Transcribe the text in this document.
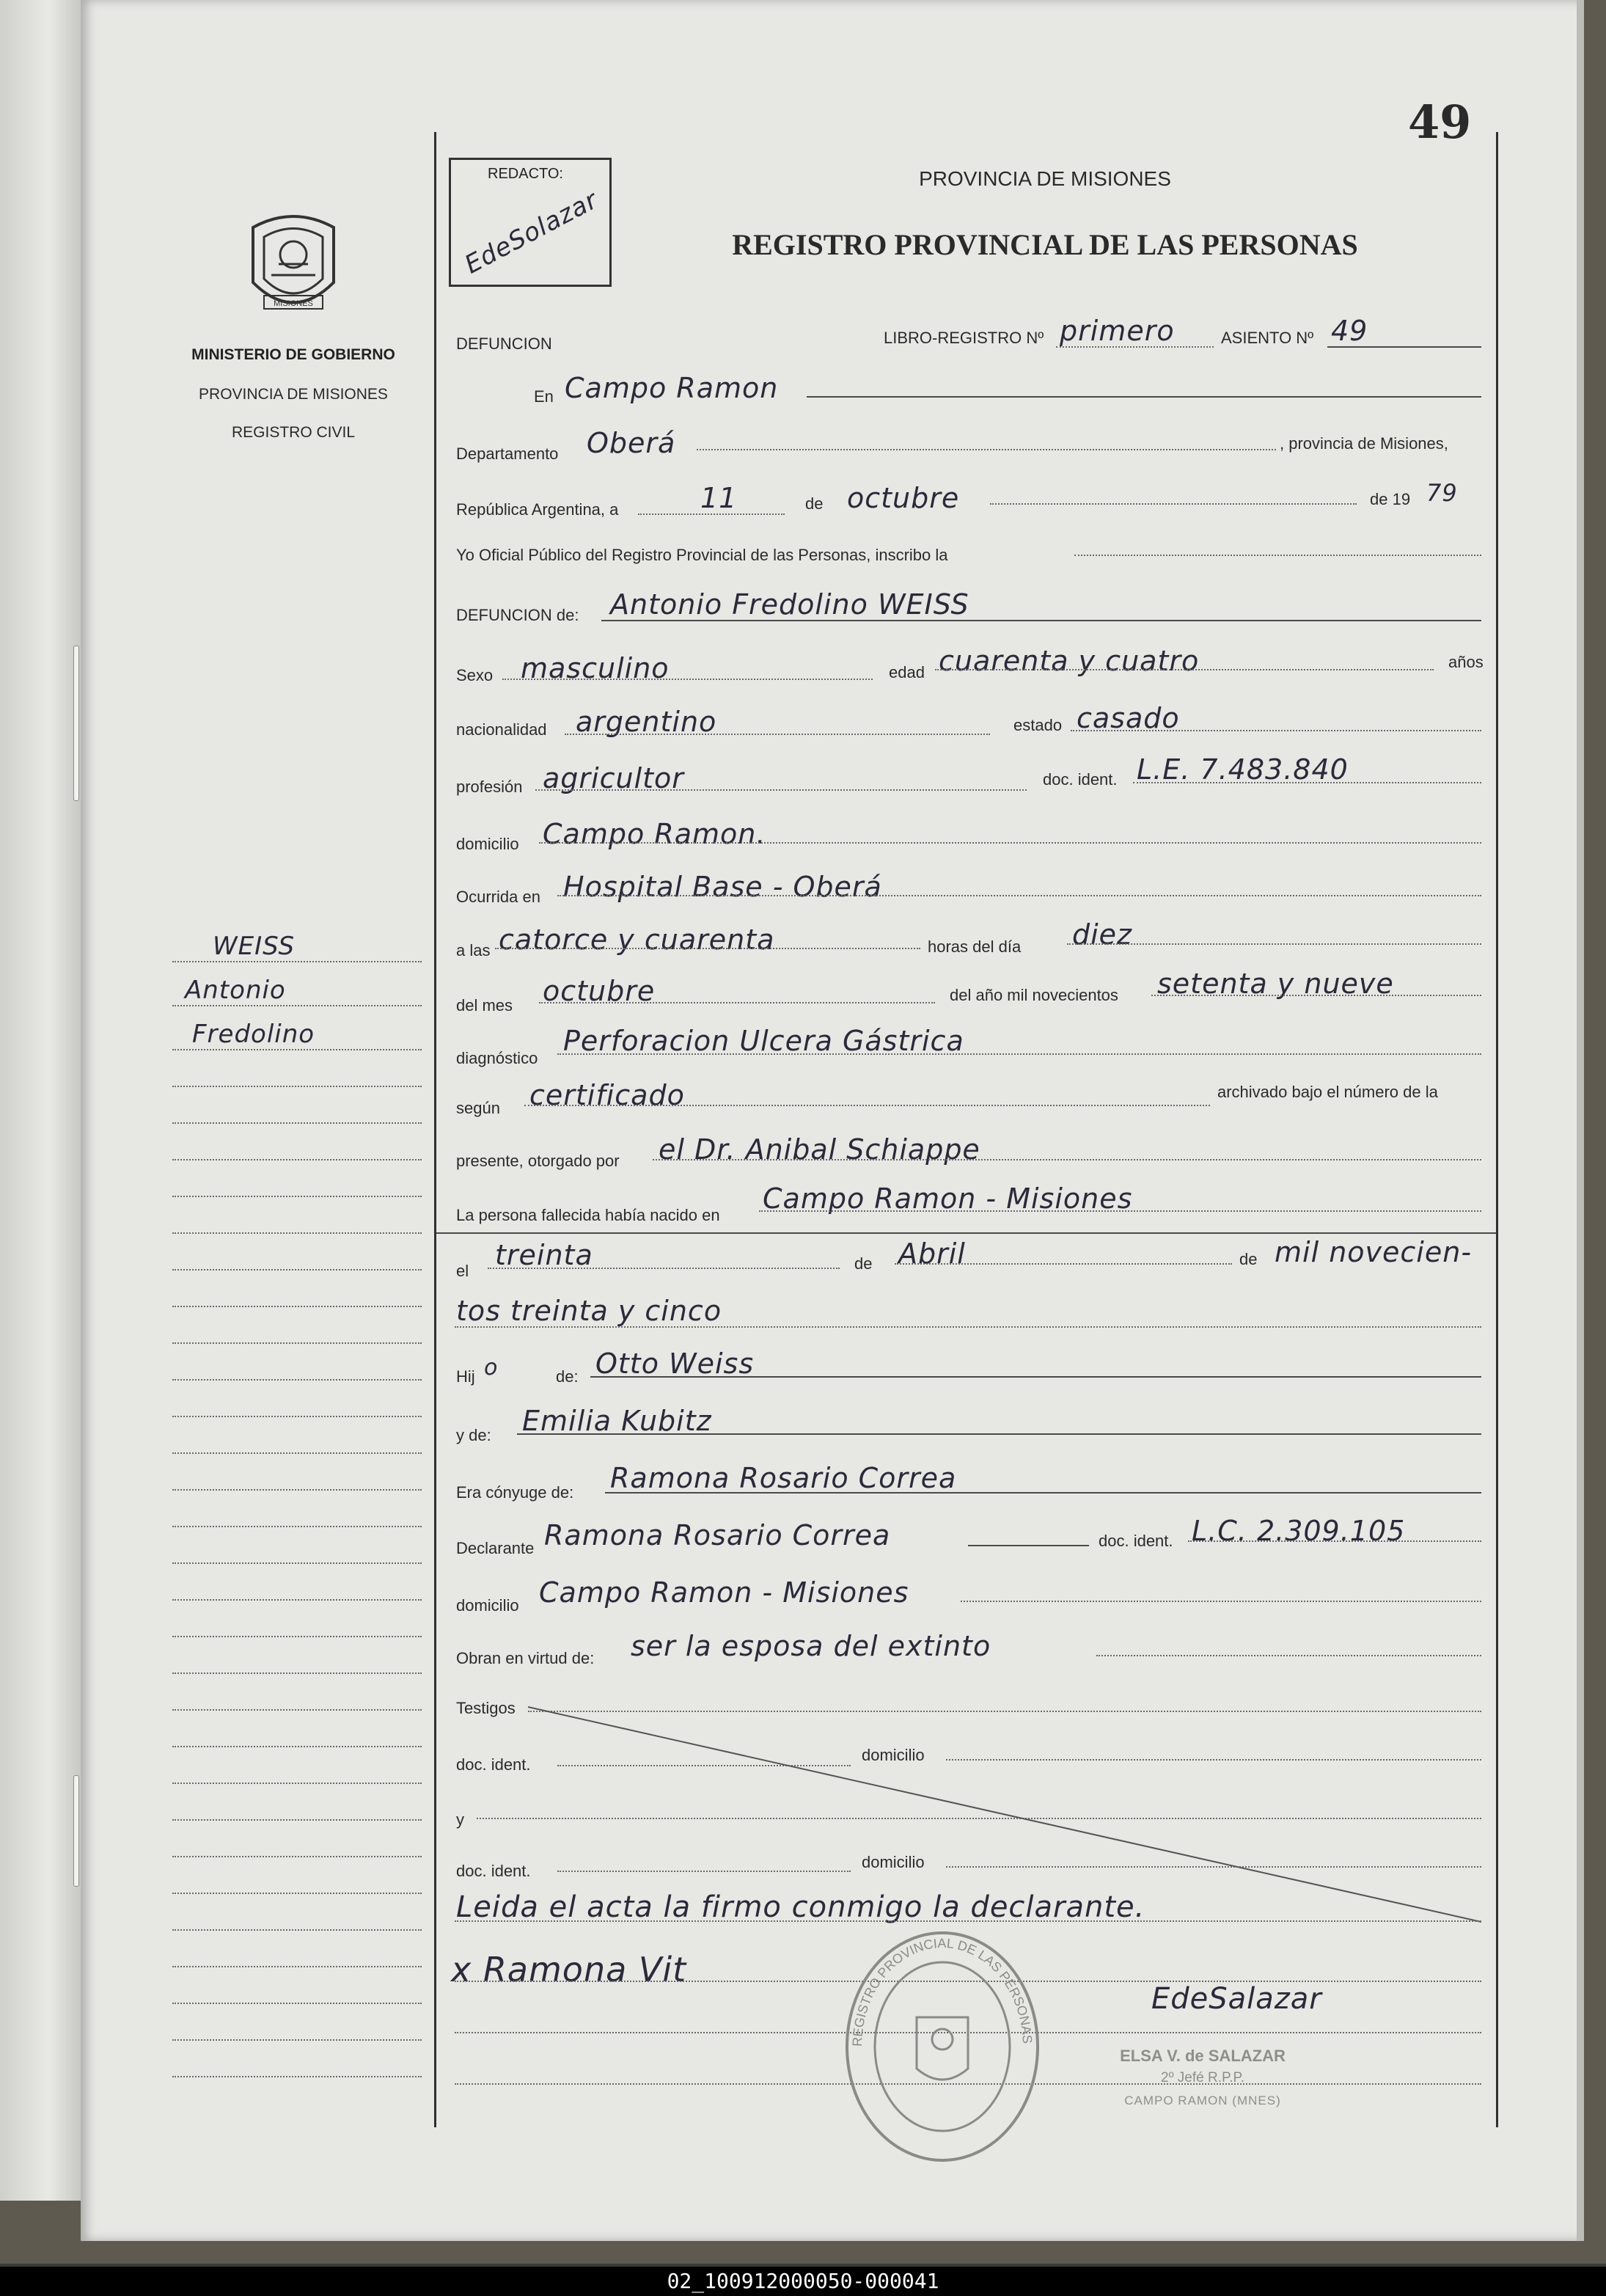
49
MISIONES
MINISTERIO DE GOBIERNO
PROVINCIA DE MISIONES
REGISTRO CIVIL
WEISS
Antonio
Fredolino
REDACTO:
EdeSolazar
PROVINCIA DE MISIONES
REGISTRO PROVINCIAL DE LAS PERSONAS
DEFUNCION	LIBRO-REGISTRO Nº primero	ASIENTO Nº 49
En Campo Ramon
Departamento Oberá	, provincia de Misiones,
República Argentina, a	11	de octubre	de 19 79
Yo Oficial Público del Registro Provincial de las Personas, inscribo la
DEFUNCION de: Antonio Fredolino WEISS
Sexo masculino	edad cuarenta y cuatro	años
nacionalidad argentino	estado casado
profesión agricultor	doc. ident. L.E. 7.483.840
domicilio Campo Ramon.
Ocurrida en Hospital Base - Oberá
a las catorce y cuarenta	horas del día diez
del mes octubre	del año mil novecientos setenta y nueve
diagnóstico
Perforacion Ulcera Gástrica
según certificado	archivado bajo el número de la
presente, otorgado por el Dr. Anibal Schiappe
La persona fallecida había nacido en
Campo Ramon - Misiones
el treinta	de Abril	de mil novecien-
tos treinta y cinco
Hij o	de: Otto Weiss
y de: Emilia Kubitz
Era cónyuge de: Ramona Rosario Correa
Declarante Ramona Rosario Correa	doc. ident. L.C. 2.309.105
domicilio Campo Ramon - Misiones
Obran en virtud de: ser la esposa del extinto
Testigos
doc. ident.
domicilio
y
doc. ident.	domicilio
Leida el acta la firmo conmigo la declarante.
x Ramona Vit
REGISTRO PROVINCIAL DE LAS PERSONAS
EdeSalazar
ELSA V. de SALAZAR
2º Jefé R.P.P.
CAMPO RAMON (MNES)
02_100912000050-000041
